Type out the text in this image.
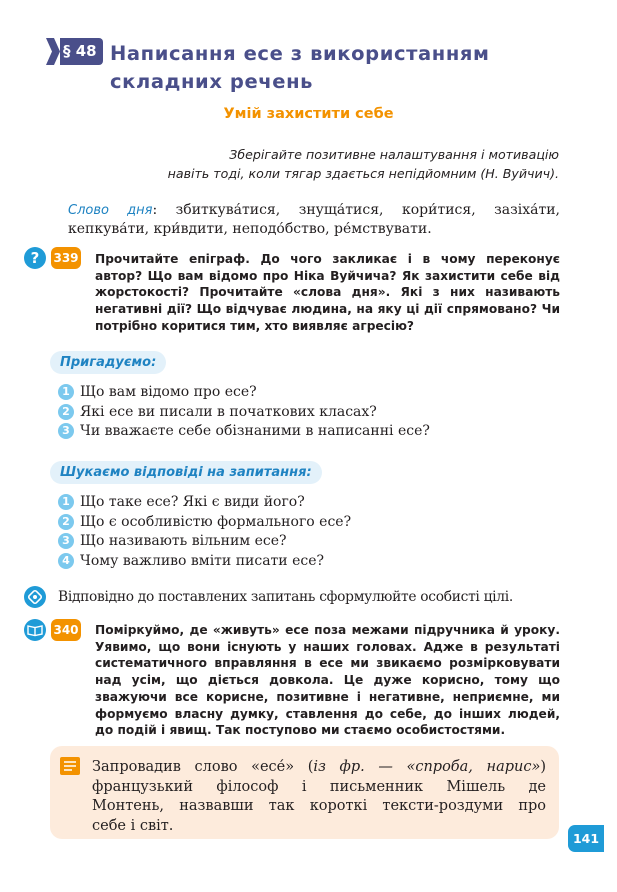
§ 48 Написання есе з використанням
складних речень
Умій захистити себе
Зберігайте позитивне налаштування і мотивацію
навіть тоді, коли тягар здається непідйомним (Н. Вуйчич).
Слово дня: збиткува́тися, знуща́тися, кори́тися, зазіха́ти, кепкува́ти, кри́вдити, неподо́бство, ре́мствувати.
?	339 Прочитайте епіграф. До чого закликає і в чому переконує автор? Що вам відомо про Ніка Вуйчича? Як захистити себе від жорстокості? Прочитайте «слова дня». Які з них називають негативні дії? Що відчуває людина, на яку ці дії спрямовано? Чи потрібно коритися тим, хто виявляє агресію?
Пригадуємо:
1 Що вам відомо про есе?
2 Які есе ви писали в початкових класах?
3 Чи вважаєте себе обізнаними в написанні есе?
Шукаємо відповіді на запитання:
1 Що таке есе? Які є види його?
2 Що є особливістю формального есе?
3 Що називають вільним есе?
4 Чому важливо вміти писати есе?
Відповідно до поставлених запитань сформулюйте особисті цілі.
340 Поміркуймо, де «живуть» есе поза межами підручника й уроку. Уявимо, що вони існують у наших головах. Адже в результаті систематичного вправляння в есе ми звикаємо розмірковувати над усім, що діється довкола. Це дуже корисно, тому що зважуючи все корисне, позитивне і негативне, неприємне, ми формуємо власну думку, ставлення до себе, до інших людей, до подій і явищ. Так поступово ми стаємо особистостями.
Запровадив слово «есе́» (із фр. — «спроба, нарис»)
французький філософ і письменник Мішель де
Монтень, назвавши так короткі тексти-роздуми про
себе і світ.
141
